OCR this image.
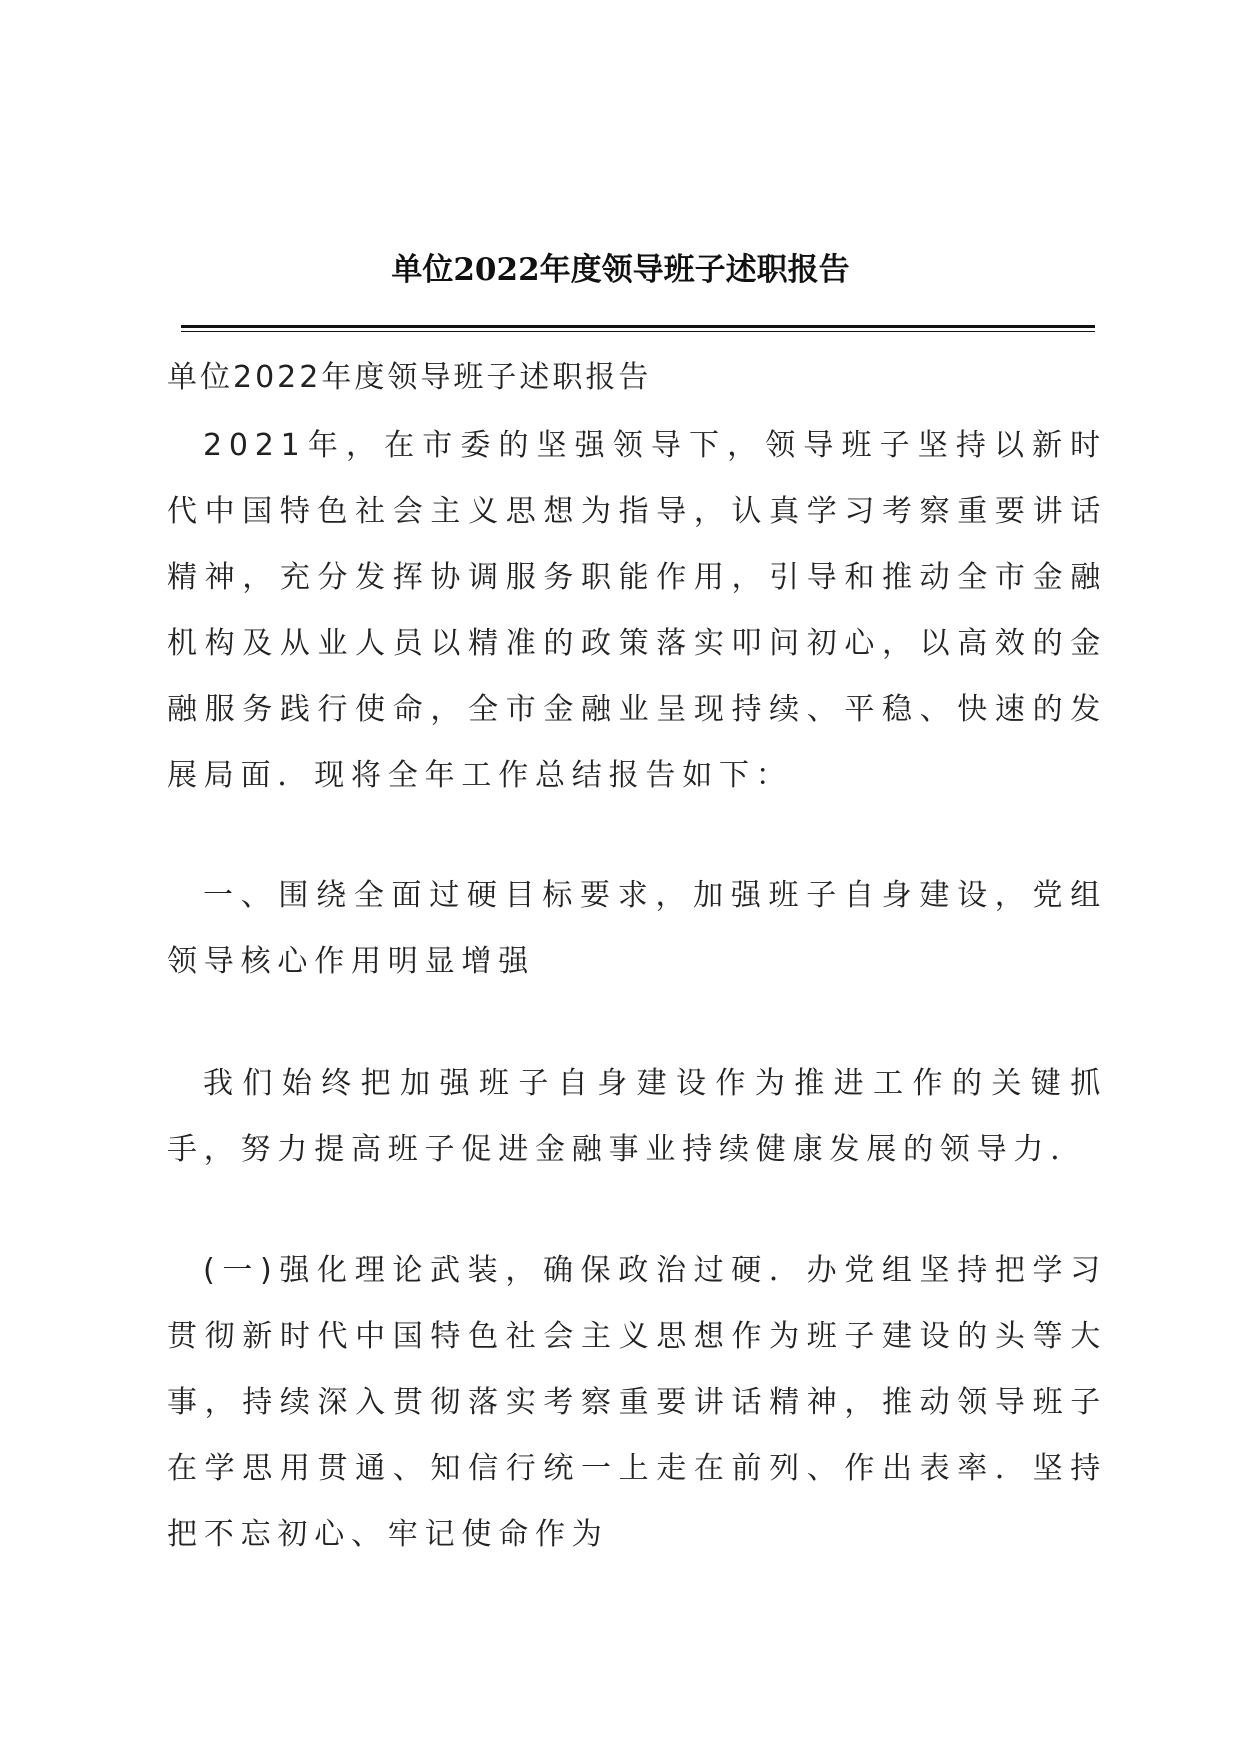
单位2022年度领导班子述职报告
单位2022年度领导班子述职报告
2021年，在市委的坚强领导下，领导班子坚持以新时代中国特色社会主义思想为指导，认真学习考察重要讲话精神，充分发挥协调服务职能作用，引导和推动全市金融机构及从业人员以精准的政策落实叩问初心，以高效的金融服务践行使命，全市金融业呈现持续、平稳、快速的发展局面．现将全年工作总结报告如下：
一、围绕全面过硬目标要求，加强班子自身建设，党组领导核心作用明显增强
我们始终把加强班子自身建设作为推进工作的关键抓手，努力提高班子促进金融事业持续健康发展的领导力．
(一)强化理论武装，确保政治过硬．办党组坚持把学习贯彻新时代中国特色社会主义思想作为班子建设的头等大事，持续深入贯彻落实考察重要讲话精神，推动领导班子在学思用贯通、知信行统一上走在前列、作出表率．坚持把不忘初心、牢记使命作为
